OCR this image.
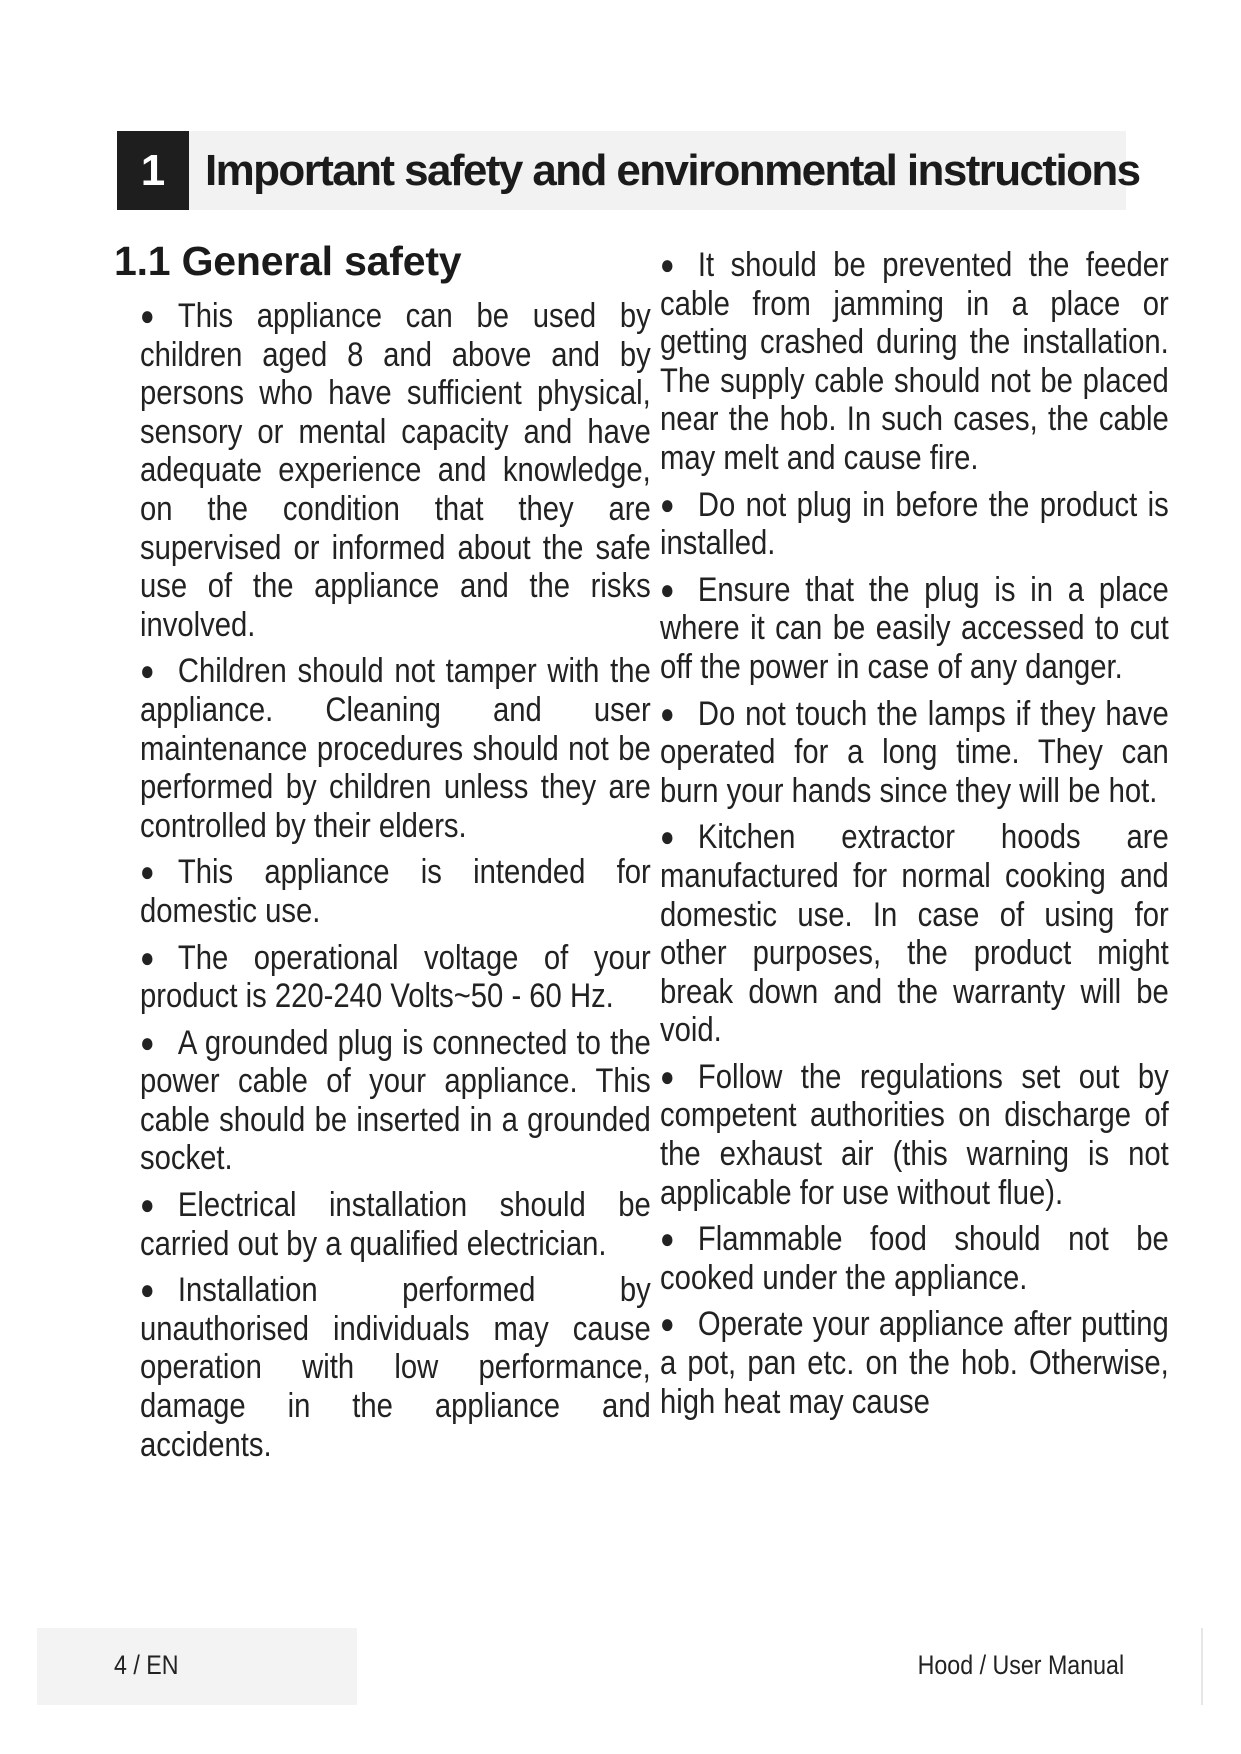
1 Important safety and environmental instructions
1.1 General safety

● This appliance can be used by children aged 8 and above and by persons who have sufficient physical, sensory or mental capacity and have adequate experience and knowledge, on the condition that they are supervised or informed about the safe use of the appliance and the risks involved.

● Children should not tamper with the appliance. Cleaning and user maintenance procedures should not be performed by children unless they are controlled by their elders.

● This appliance is intended for domestic use.

● The operational voltage of your product is 220-240 Volts~50 - 60 Hz.

● A grounded plug is connected to the power cable of your appliance. This cable should be inserted in a grounded socket.

● Electrical installation should be carried out by a qualified electrician.

● Installation performed by unauthorised individuals may cause operation with low performance, damage in the appliance and accidents.

● It should be prevented the feeder cable from jamming in a place or getting crashed during the installation. The supply cable should not be placed near the hob. In such cases, the cable may melt and cause fire.

● Do not plug in before the product is installed.

● Ensure that the plug is in a place where it can be easily accessed to cut off the power in case of any danger.

● Do not touch the lamps if they have operated for a long time. They can burn your hands since they will be hot.

● Kitchen extractor hoods are manufactured for normal cooking and domestic use. In case of using for other purposes, the product might break down and the warranty will be void.

● Follow the regulations set out by competent authorities on discharge of the exhaust air (this warning is not applicable for use without flue).

● Flammable food should not be cooked under the appliance.

● Operate your appliance after putting a pot, pan etc. on the hob. Otherwise, high heat may cause

4 / EN	Hood / User Manual
